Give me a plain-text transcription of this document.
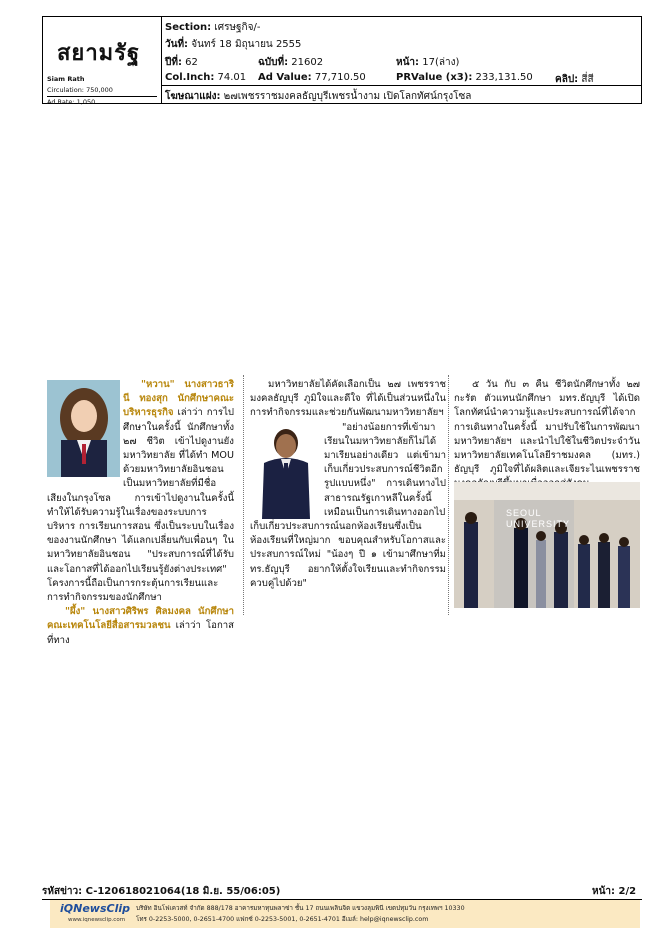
สยามรัฐ
Siam Rath
Circulation: 750,000
Ad Rate: 1,050
Section: เศรษฐกิจ/-
วันที่: จันทร์ 18 มิถุนายน 2555
ปีที่: 62	ฉบับที่: 21602	หน้า: 17(ล่าง)
Col.Inch: 74.01 Ad Value: 77,710.50	PRValue (x3): 233,131.50 คลิป: สี่สี
โฆษณาแฝง: ๒๗เพชรราชมงคลธัญบุรีเพชรน้ำงาม เปิดโลกทัศน์กรุงโซล

"หวาน" นางสาวธารินี ทองสุก นักศึกษาคณะบริหารธุรกิจ เล่าว่า การไปศึกษาในครั้งนี้ นักศึกษาทั้ง ๒๗ ชีวิต เข้าไปดูงานยังมหาวิทยาลัย ที่ได้ทำ MOU ด้วยมหาวิทยาลัยอินชอน เป็นมหาวิทยาลัยที่มีชื่อเสียงในกรุงโซล การเข้าไปดูงานในครั้งนี้ ทำให้ได้รับความรู้ในเรื่องของระบบการบริหาร การเรียนการสอน ซึ่งเป็นระบบในเรื่องของงานนักศึกษา ได้แลกเปลี่ยนกับเพื่อนๆ ในมหาวิทยาลัยอินชอน "ประสบการณ์ที่ได้รับและโอกาสที่ได้ออกไปเรียนรู้ยังต่างประเทศ" โครงการนี้ถือเป็นการกระตุ้นการเรียนและการทำกิจกรรมของนักศึกษา

"ผึ้ง" นางสาวศิริพร ศิลมงคล นักศึกษาคณะเทคโนโลยีสื่อสารมวลชน เล่าว่า โอกาสที่ทาง

มหาวิทยาลัยได้คัดเลือกเป็น ๒๗ เพชรราชมงคลธัญบุรี ภูมิใจและดีใจ ที่ได้เป็นส่วนหนึ่งในการทำกิจกรรมและช่วยกันพัฒนามหาวิทยาลัยฯ

"อย่างน้อยการที่เข้ามาเรียนในมหาวิทยาลัยก็ไม่ได้มาเรียนอย่างเดียว แต่เข้ามาเก็บเกี่ยวประสบการณ์ชีวิตอีกรูปแบบหนึ่ง" การเดินทางไปสาธารณรัฐเกาหลีในครั้งนี้ เหมือนเป็นการเดินทางออกไปเก็บเกี่ยวประสบการณ์นอกห้องเรียนซึ่งเป็นห้องเรียนที่ใหญ่มาก ขอบคุณสำหรับโอกาสและประสบการณ์ใหม่ "น้องๆ ปี ๑ เข้ามาศึกษาที่มทร.ธัญบุรี อยากให้ตั้งใจเรียนและทำกิจกรรมควบคู่ไปด้วย"

๕ วัน กับ ๓ คืน ชีวิตนักศึกษาทั้ง ๒๗ กะรัต ตัวแทนนักศึกษา มทร.ธัญบุรี ได้เปิดโลกทัศน์นำความรู้และประสบการณ์ที่ได้จากการเดินทางในครั้งนี้ มาปรับใช้ในการพัฒนามหาวิทยาลัยฯ และนำไปใช้ในชีวิตประจำวัน มหาวิทยาลัยเทคโนโลยีราชมงคล (มทร.) ธัญบุรี ภูมิใจที่ได้ผลิตและเจียระไนเพชรราช

SEOUL UNIVERSITY
รหัสข่าว: C-120618021064(18 มิ.ย. 55/06:05)	หน้า: 2/2
iQNewsClip
www.iqnewsclip.com
บริษัท อินโฟเควสท์ จำกัด 888/178 อาคารมหาทุนพลาซ่า ชั้น 17 ถนนเพลินจิต แขวงลุมพินี เขตปทุมวัน กรุงเทพฯ 10330
โทร 0-2253-5000, 0-2651-4700 แฟกซ์ 0-2253-5001, 0-2651-4701 อีเมล์: help@iqnewsclip.com
